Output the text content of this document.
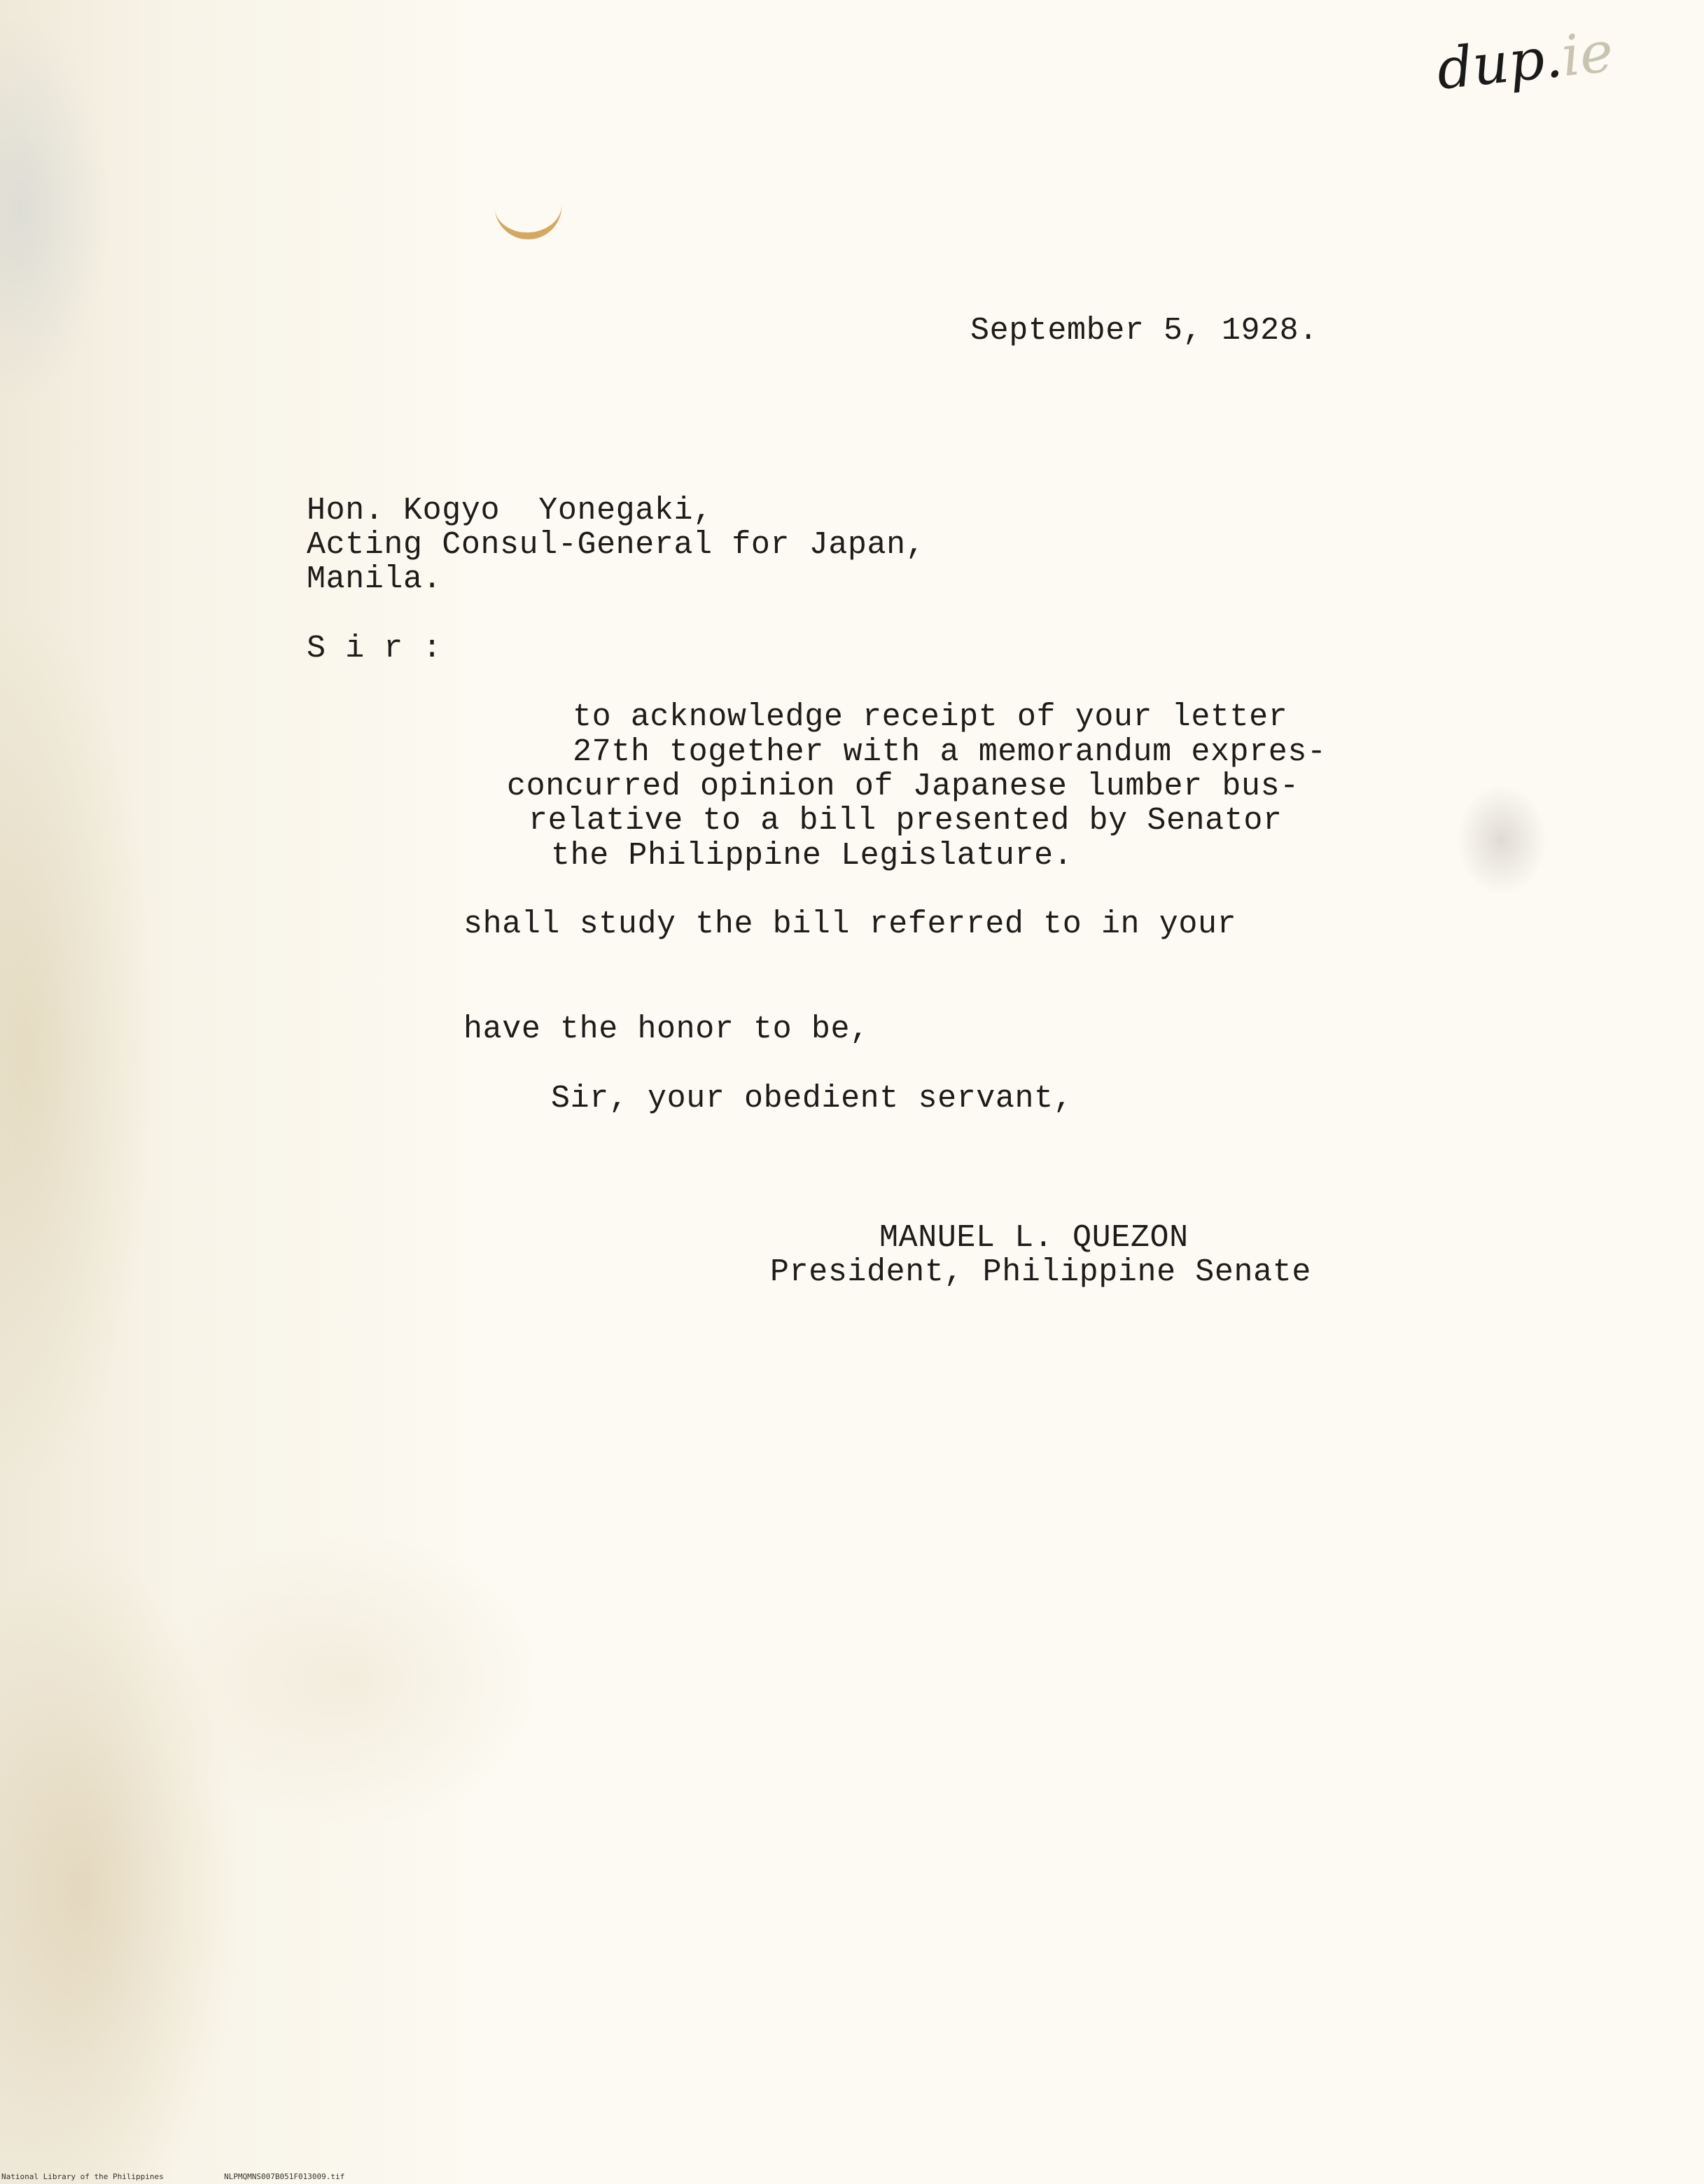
dup.ie
September 5, 1928.
Hon. Kogyo  Yonegaki,
Acting Consul-General for Japan,
Manila.
S i r :
to acknowledge receipt of your letter
27th together with a memorandum expres-
concurred opinion of Japanese lumber bus-
relative to a bill presented by Senator
the Philippine Legislature.
shall study the bill referred to in your
have the honor to be,
Sir, your obedient servant,
MANUEL L. QUEZON
President, Philippine Senate
National Library of the Philippines	NLPMQMNS007B051F013009.tif
